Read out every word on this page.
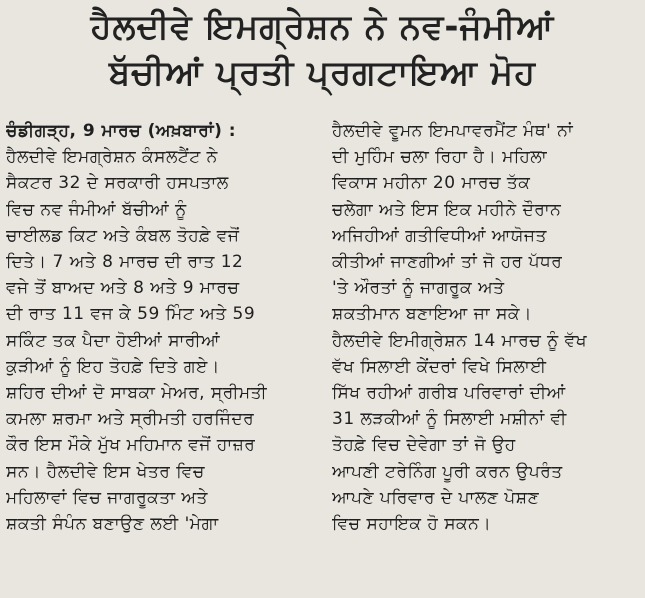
ਹੈਲਦੀਵੇ ਇਮਗ੍ਰੇਸ਼ਨ ਨੇ ਨਵ-ਜੰਮੀਆਂ
ਬੱਚੀਆਂ ਪ੍ਰਤੀ ਪ੍ਰਗਟਾਇਆ ਮੋਹ
ਚੰਡੀਗੜ੍ਹ, 9 ਮਾਰਚ (ਅਖ਼ਬਾਰਾਂ) :
ਹੈਲਦੀਵੇ ਇਮਗ੍ਰੇਸ਼ਨ ਕੰਸਲਟੈਂਟ ਨੇ
ਸੈਕਟਰ 32 ਦੇ ਸਰਕਾਰੀ ਹਸਪਤਾਲ
ਵਿਚ ਨਵ ਜੰਮੀਆਂ ਬੱਚੀਆਂ ਨੂੰ
ਚਾਈਲਡ ਕਿਟ ਅਤੇ ਕੰਬਲ ਤੋਹਫ਼ੇ ਵਜੋਂ
ਦਿਤੇ। 7 ਅਤੇ 8 ਮਾਰਚ ਦੀ ਰਾਤ 12
ਵਜੇ ਤੋਂ ਬਾਅਦ ਅਤੇ 8 ਅਤੇ 9 ਮਾਰਚ
ਦੀ ਰਾਤ 11 ਵਜ ਕੇ 59 ਮਿੰਟ ਅਤੇ 59
ਸਕਿੰਟ ਤਕ ਪੈਦਾ ਹੋਈਆਂ ਸਾਰੀਆਂ
ਕੁੜੀਆਂ ਨੂੰ ਇਹ ਤੋਹਫ਼ੇ ਦਿਤੇ ਗਏ।
ਸ਼ਹਿਰ ਦੀਆਂ ਦੋ ਸਾਬਕਾ ਮੇਅਰ, ਸ੍ਰੀਮਤੀ
ਕਮਲਾ ਸ਼ਰਮਾ ਅਤੇ ਸ੍ਰੀਮਤੀ ਹਰਜਿੰਦਰ
ਕੌਰ ਇਸ ਮੌਕੇ ਮੁੱਖ ਮਹਿਮਾਨ ਵਜੋਂ ਹਾਜ਼ਰ
ਸਨ। ਹੈਲਦੀਵੇ ਇਸ ਖੇਤਰ ਵਿਚ
ਮਹਿਲਾਵਾਂ ਵਿਚ ਜਾਗਰੂਕਤਾ ਅਤੇ
ਸ਼ਕਤੀ ਸੰਪੰਨ ਬਣਾਉਣ ਲਈ 'ਮੇਗਾ
ਹੈਲਦੀਵੇ ਵੂਮਨ ਇਮਪਾਵਰਮੈਂਟ ਮੰਥ' ਨਾਂ
ਦੀ ਮੁਹਿੰਮ ਚਲਾ ਰਿਹਾ ਹੈ। ਮਹਿਲਾ
ਵਿਕਾਸ ਮਹੀਨਾ 20 ਮਾਰਚ ਤੱਕ
ਚਲੇਗਾ ਅਤੇ ਇਸ ਇਕ ਮਹੀਨੇ ਦੌਰਾਨ
ਅਜਿਹੀਆਂ ਗਤੀਵਿਧੀਆਂ ਆਯੋਜਤ
ਕੀਤੀਆਂ ਜਾਣਗੀਆਂ ਤਾਂ ਜੋ ਹਰ ਪੱਧਰ
'ਤੇ ਔਰਤਾਂ ਨੂੰ ਜਾਗਰੂਕ ਅਤੇ
ਸ਼ਕਤੀਮਾਨ ਬਣਾਇਆ ਜਾ ਸਕੇ।
ਹੈਲਦੀਵੇ ਇਮੀਗ੍ਰੇਸ਼ਨ 14 ਮਾਰਚ ਨੂੰ ਵੱਖ
ਵੱਖ ਸਿਲਾਈ ਕੇਂਦਰਾਂ ਵਿਖੇ ਸਿਲਾਈ
ਸਿੱਖ ਰਹੀਆਂ ਗਰੀਬ ਪਰਿਵਾਰਾਂ ਦੀਆਂ
31 ਲੜਕੀਆਂ ਨੂੰ ਸਿਲਾਈ ਮਸ਼ੀਨਾਂ ਵੀ
ਤੋਹਫ਼ੇ ਵਿਚ ਦੇਵੇਗਾ ਤਾਂ ਜੋ ਉਹ
ਆਪਣੀ ਟਰੇਨਿੰਗ ਪੂਰੀ ਕਰਨ ਉਪਰੰਤ
ਆਪਣੇ ਪਰਿਵਾਰ ਦੇ ਪਾਲਣ ਪੋਸ਼ਣ
ਵਿਚ ਸਹਾਇਕ ਹੋ ਸਕਨ।
